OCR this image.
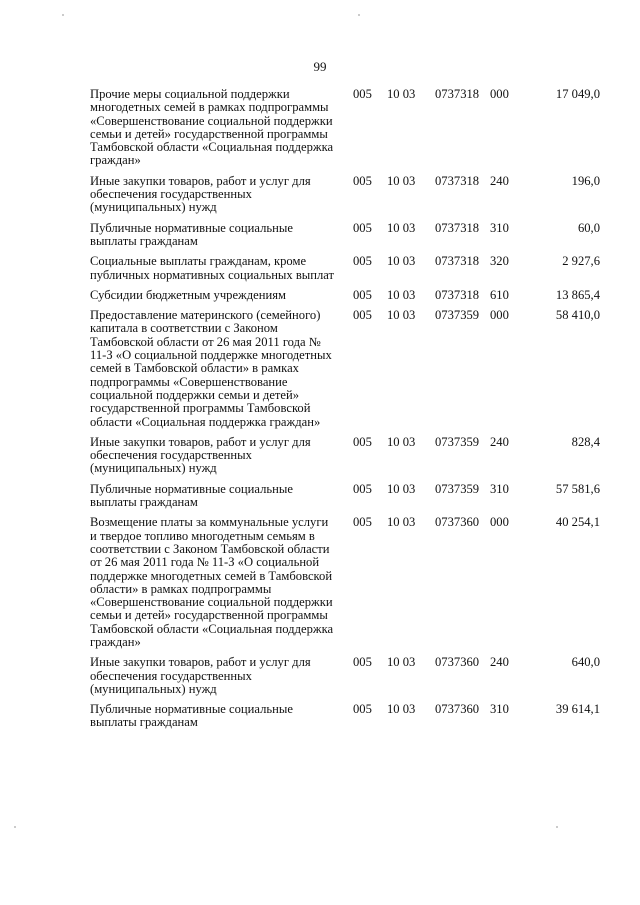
99
Прочие меры социальной поддержки многодетных семей в рамках подпрограммы «Совершенствование социальной поддержки семьи и детей» государственной программы Тамбовской области «Социальная поддержка граждан»
005 10 03 0737318 000	17 049,0
Иные закупки товаров, работ и услуг для обеспечения государственных (муниципальных) нужд
005 10 03 0737318 240	196,0
Публичные нормативные социальные выплаты гражданам
005 10 03 0737318 310	60,0
Социальные выплаты гражданам, кроме публичных нормативных социальных выплат
005 10 03 0737318 320	2 927,6
Субсидии бюджетным учреждениям	005 10 03 0737318 610	13 865,4
Предоставление материнского (семейного) капитала в соответствии с Законом Тамбовской области от 26 мая 2011 года № 11-З «О социальной поддержке многодетных семей в Тамбовской области» в рамках подпрограммы «Совершенствование социальной поддержки семьи и детей» государственной программы Тамбовской области «Социальная поддержка граждан»
005 10 03 0737359 000	58 410,0
Иные закупки товаров, работ и услуг для обеспечения государственных (муниципальных) нужд
005 10 03 0737359 240	828,4
Публичные нормативные социальные выплаты гражданам
005 10 03 0737359 310	57 581,6
Возмещение платы за коммунальные услуги и твердое топливо многодетным семьям в соответствии с Законом Тамбовской области от 26 мая 2011 года № 11-З «О социальной поддержке многодетных семей в Тамбовской области» в рамках подпрограммы «Совершенствование социальной поддержки семьи и детей» государственной программы Тамбовской области «Социальная поддержка граждан»
005 10 03 0737360 000	40 254,1
Иные закупки товаров, работ и услуг для обеспечения государственных (муниципальных) нужд
005 10 03 0737360 240	640,0
Публичные нормативные социальные выплаты гражданам
005 10 03 0737360 310	39 614,1
